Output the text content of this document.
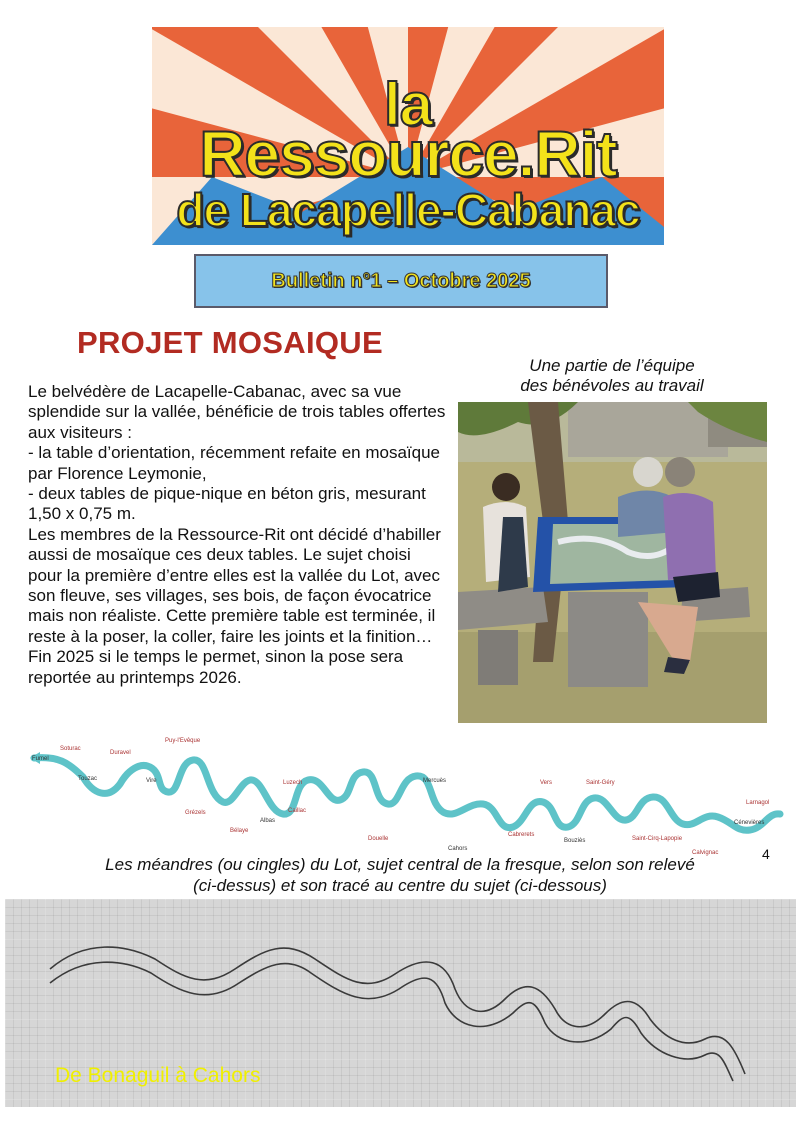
la
Ressource.Rit
de Lacapelle-Cabanac
Bulletin n°1 – Octobre 2025
PROJET MOSAIQUE

Le belvédère de Lacapelle-Cabanac, avec sa vue splendide sur la vallée, bénéficie de trois tables offertes aux visiteurs :

- la table d’orientation, récemment refaite en mosaïque par Florence Leymonie,

- deux tables de pique-nique en béton gris, mesurant 1,50 x 0,75 m.

Les membres de la Ressource-Rit ont décidé d’habiller aussi de mosaïque ces deux tables. Le sujet choisi pour la première d’entre elles est la vallée du Lot, avec son fleuve, ses villages, ses bois, de façon évocatrice mais non réaliste. Cette première table est terminée, il reste à la poser, la coller, faire les joints et la finition… Fin 2025 si le temps le permet, sinon la pose sera reportée au printemps 2026.

Une partie de l’équipe
des bénévoles au travail
Fumel
Soturac
Touzac
Duravel
Vire
Puy-l'Evêque
Grézels
Bélaye
Luzech
Albas
Caillac
Mercuès
Douelle
Vers	Saint-Géry
Cahors
Cabrerets
Bouziès	Saint-Cirq-Lapopie
Calvignac
Cénevières
Larnagol
4
Les méandres (ou cingles) du Lot, sujet central de la fresque, selon son relevé
(ci-dessus) et son tracé au centre du sujet (ci-dessous)
De Bonaguil à Cahors
